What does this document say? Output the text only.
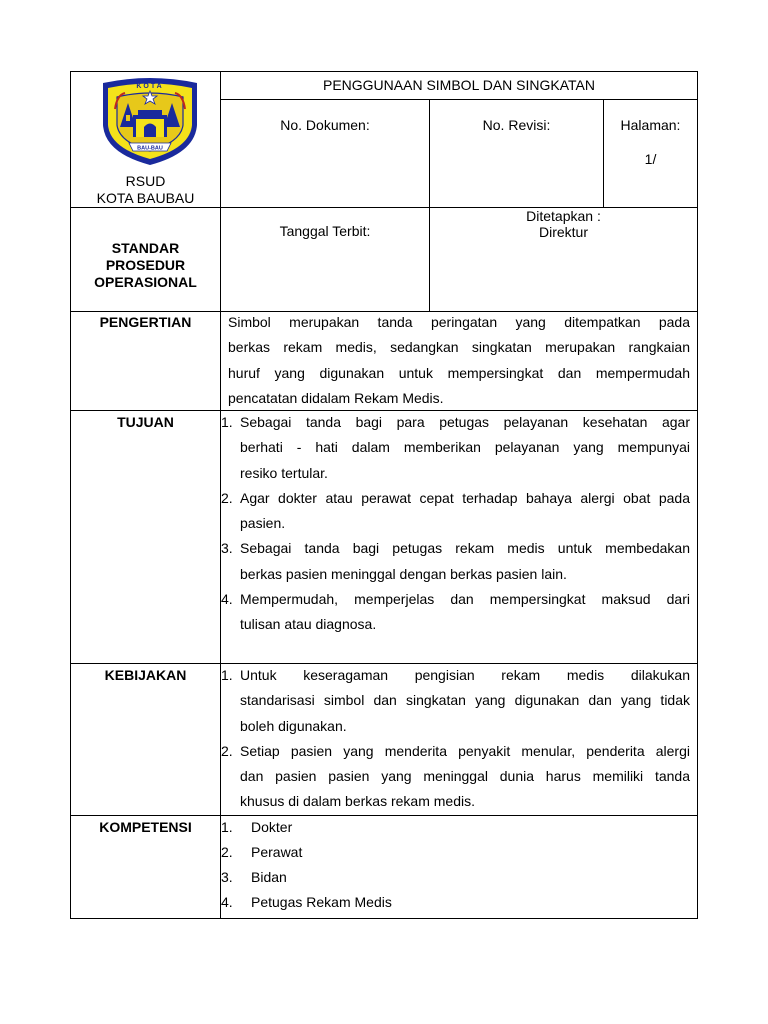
KOTA
BAU-BAU
RSUD
KOTA BAUBAU
PENGGUNAAN SIMBOL DAN SINGKATAN
No. Dokumen:	No. Revisi:	Halaman:
1/
STANDAR
PROSEDUR
OPERASIONAL
Tanggal Terbit:
Ditetapkan :
Direktur
PENGERTIAN	Simbol merupakan tanda peringatan yang ditempatkan pada
berkas rekam medis, sedangkan singkatan merupakan rangkaian
huruf yang digunakan untuk mempersingkat dan mempermudah
pencatatan didalam Rekam Medis.
TUJUAN	1. Sebagai tanda bagi para petugas pelayanan kesehatan agar
berhati - hati dalam memberikan pelayanan yang mempunyai
resiko tertular.
2. Agar dokter atau perawat cepat terhadap bahaya alergi obat pada
pasien.
3. Sebagai tanda bagi petugas rekam medis untuk membedakan
berkas pasien meninggal dengan berkas pasien lain.
4. Mempermudah, memperjelas dan mempersingkat maksud dari
tulisan atau diagnosa.
KEBIJAKAN	1. Untuk keseragaman pengisian rekam medis dilakukan
standarisasi simbol dan singkatan yang digunakan dan yang tidak
boleh digunakan.
2. Setiap pasien yang menderita penyakit menular, penderita alergi
dan pasien pasien yang meninggal dunia harus memiliki tanda
khusus di dalam berkas rekam medis.
KOMPETENSI	1. Dokter
2. Perawat
3. Bidan
4. Petugas Rekam Medis
